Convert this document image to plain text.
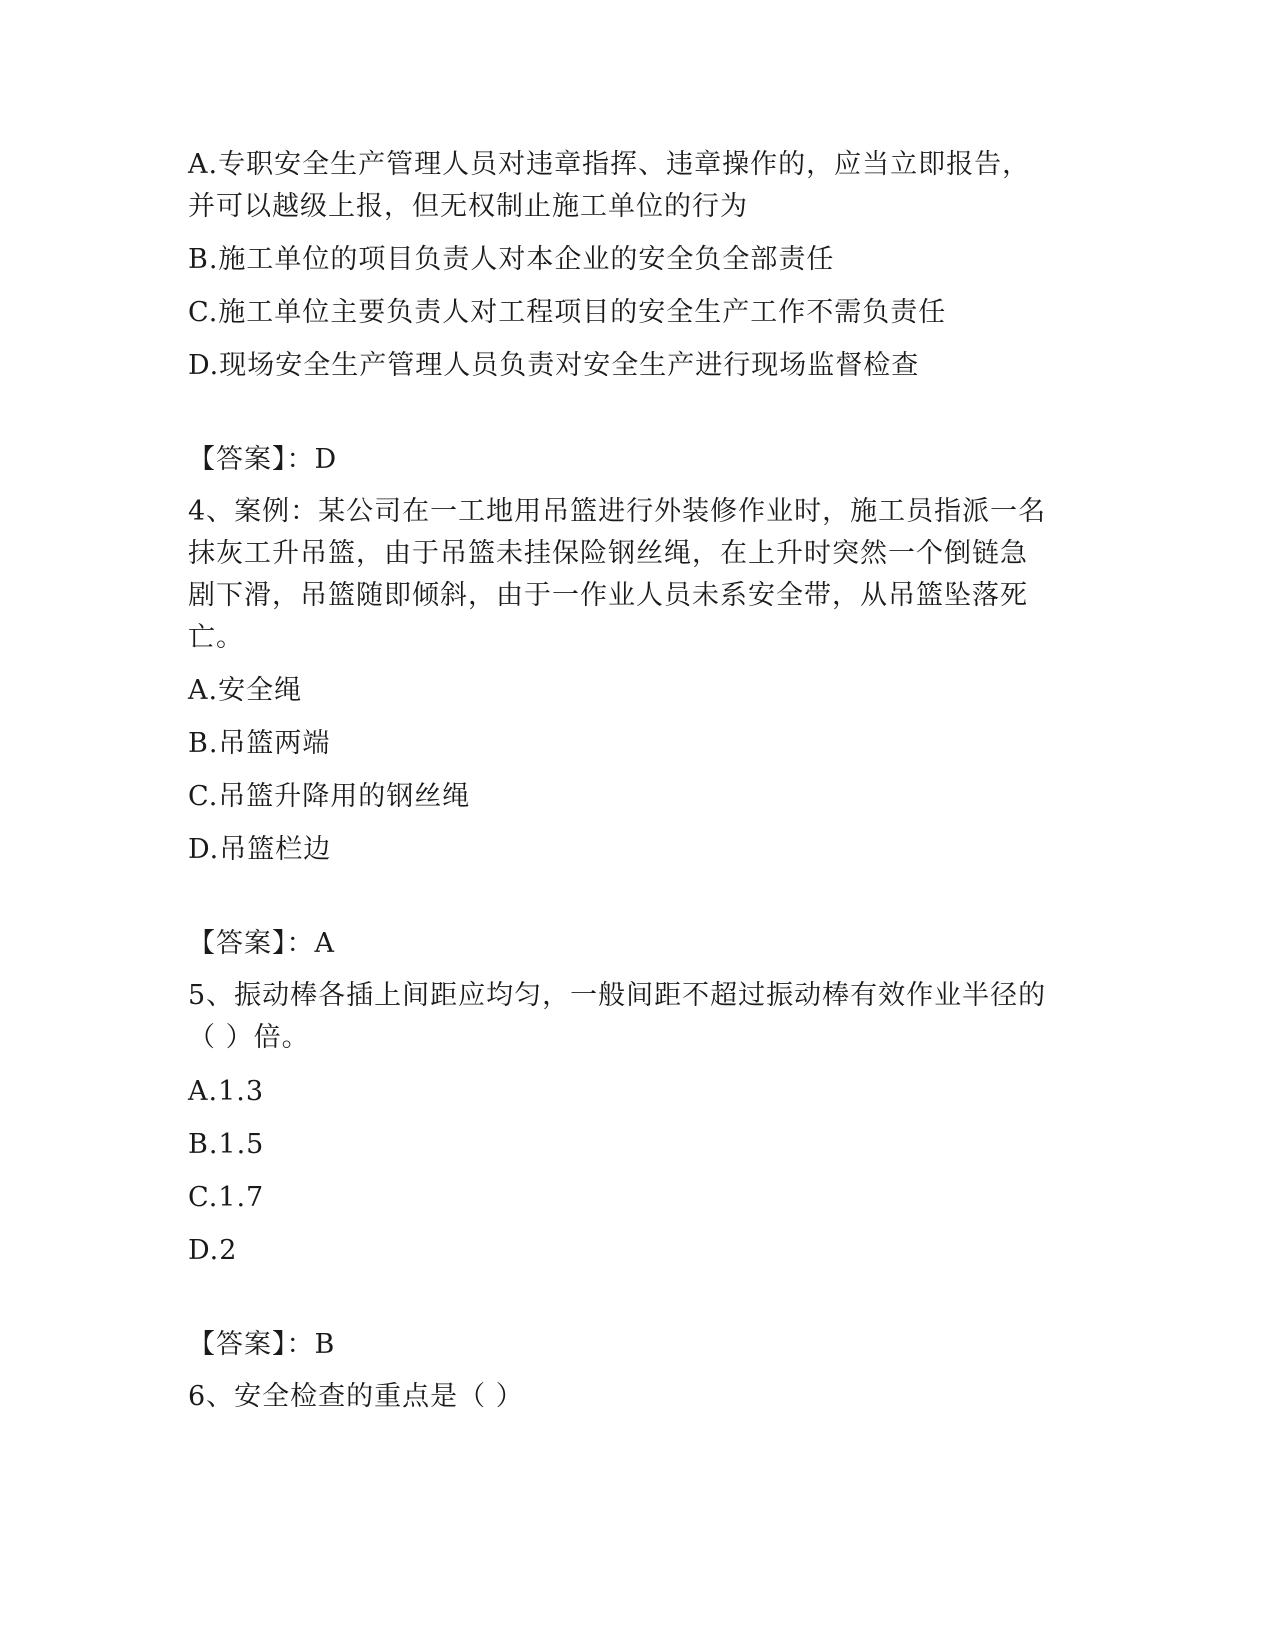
A.专职安全生产管理人员对违章指挥、违章操作的，应当立即报告，
并可以越级上报，但无权制止施工单位的行为
B.施工单位的项目负责人对本企业的安全负全部责任
C.施工单位主要负责人对工程项目的安全生产工作不需负责任
D.现场安全生产管理人员负责对安全生产进行现场监督检查
【答案】：D
4、案例：某公司在一工地用吊篮进行外装修作业时，施工员指派一名
抹灰工升吊篮，由于吊篮未挂保险钢丝绳，在上升时突然一个倒链急
剧下滑，吊篮随即倾斜，由于一作业人员未系安全带，从吊篮坠落死
亡。
A.安全绳
B.吊篮两端
C.吊篮升降用的钢丝绳
D.吊篮栏边
【答案】：A
5、振动棒各插上间距应均匀，一般间距不超过振动棒有效作业半径的
（ ）倍。
A.1.3
B.1.5
C.1.7
D.2
【答案】：B
6、安全检查的重点是（ ）
